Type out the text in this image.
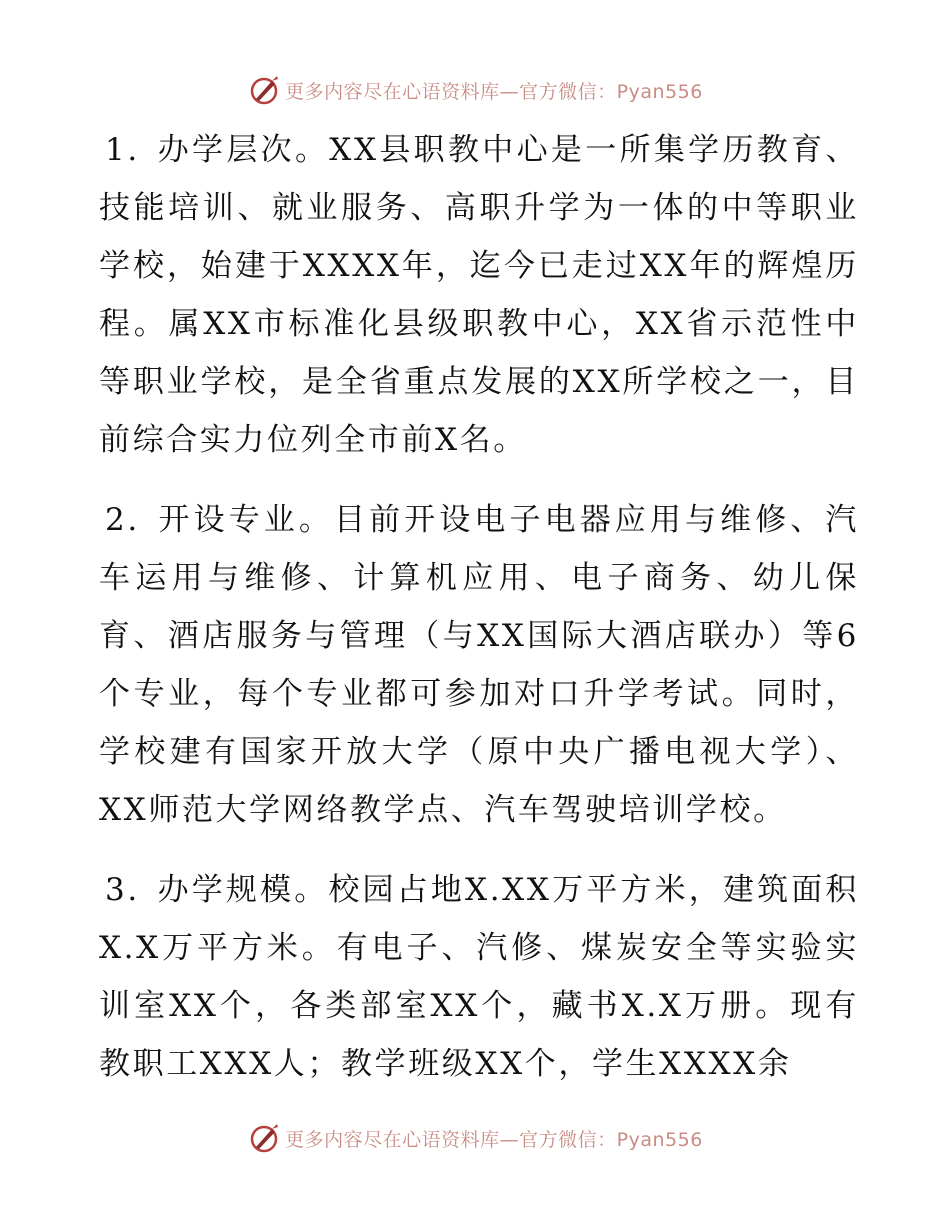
更多内容尽在心语资料库—官方微信：Pyan556

1. 办学层次。XX县职教中心是一所集学历教育、技能培训、就业服务、高职升学为一体的中等职业学校，始建于XXXX年，迄今已走过XX年的辉煌历程。属XX市标准化县级职教中心，XX省示范性中等职业学校，是全省重点发展的XX所学校之一，目前综合实力位列全市前X名。

2. 开设专业。目前开设电子电器应用与维修、汽车运用与维修、计算机应用、电子商务、幼儿保育、酒店服务与管理（与XX国际大酒店联办）等6个专业，每个专业都可参加对口升学考试。同时，学校建有国家开放大学（原中央广播电视大学）、XX师范大学网络教学点、汽车驾驶培训学校。

3. 办学规模。校园占地X.XX万平方米，建筑面积X.X万平方米。有电子、汽修、煤炭安全等实验实训室XX个，各类部室XX个，藏书X.X万册。现有教职工XXX人；教学班级XX个，学生XXXX余

更多内容尽在心语资料库—官方微信：Pyan556
